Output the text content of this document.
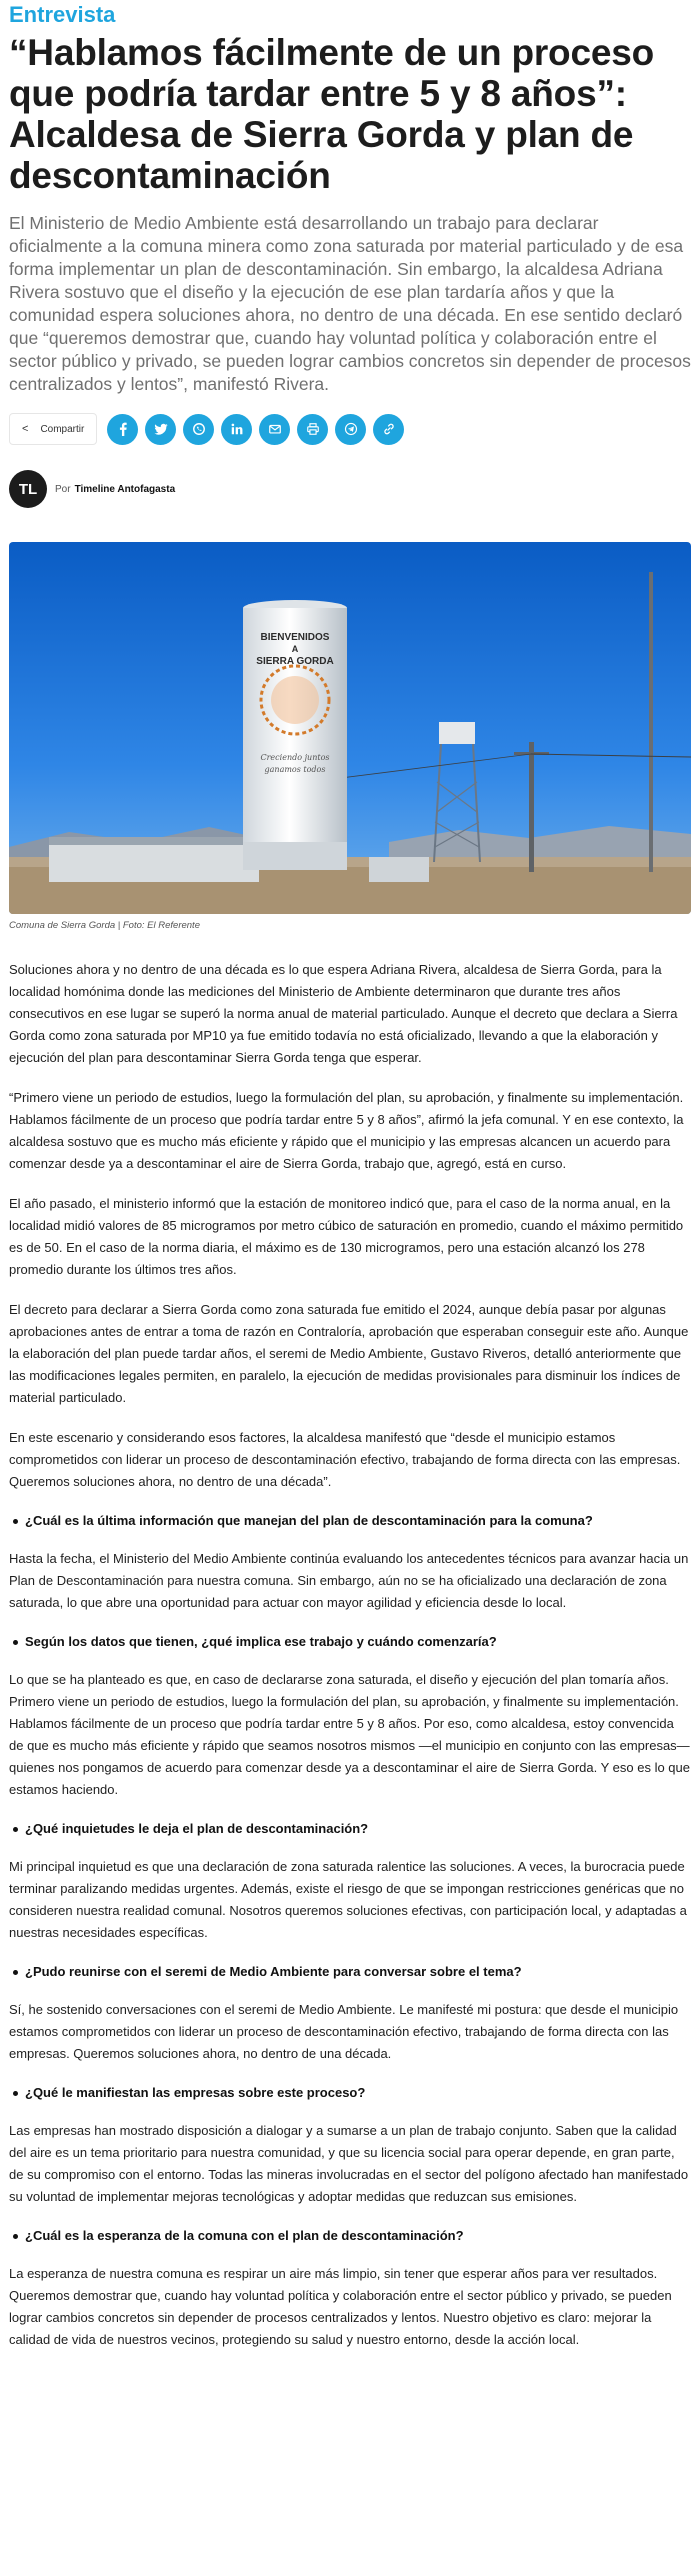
Entrevista
“Hablamos fácilmente de un proceso que podría tardar entre 5 y 8 años”: Alcaldesa de Sierra Gorda y plan de descontaminación

El Ministerio de Medio Ambiente está desarrollando un trabajo para declarar oficialmente a la comuna minera como zona saturada por material particulado y de esa forma implementar un plan de descontaminación. Sin embargo, la alcaldesa Adriana Rivera sostuvo que el diseño y la ejecución de ese plan tardaría años y que la comunidad espera soluciones ahora, no dentro de una década. En ese sentido declaró que “queremos demostrar que, cuando hay voluntad política y colaboración entre el sector público y privado, se pueden lograr cambios concretos sin depender de procesos centralizados y lentos”, manifestó Rivera.

< Compartir
TL Por Timeline Antofagasta
BIENVENIDOS
A
SIERRA GORDA
Creciendo juntos
ganamos todos

Comuna de Sierra Gorda | Foto: El Referente

Soluciones ahora y no dentro de una década es lo que espera Adriana Rivera, alcaldesa de Sierra Gorda, para la localidad homónima donde las mediciones del Ministerio de Ambiente determinaron que durante tres años consecutivos en ese lugar se superó la norma anual de material particulado. Aunque el decreto que declara a Sierra Gorda como zona saturada por MP10 ya fue emitido todavía no está oficializado, llevando a que la elaboración y ejecución del plan para descontaminar Sierra Gorda tenga que esperar.

“Primero viene un periodo de estudios, luego la formulación del plan, su aprobación, y finalmente su implementación. Hablamos fácilmente de un proceso que podría tardar entre 5 y 8 años”, afirmó la jefa comunal. Y en ese contexto, la alcaldesa sostuvo que es mucho más eficiente y rápido que el municipio y las empresas alcancen un acuerdo para comenzar desde ya a descontaminar el aire de Sierra Gorda, trabajo que, agregó, está en curso.

El año pasado, el ministerio informó que la estación de monitoreo indicó que, para el caso de la norma anual, en la localidad midió valores de 85 microgramos por metro cúbico de saturación en promedio, cuando el máximo permitido es de 50. En el caso de la norma diaria, el máximo es de 130 microgramos, pero una estación alcanzó los 278 promedio durante los últimos tres años.

El decreto para declarar a Sierra Gorda como zona saturada fue emitido el 2024, aunque debía pasar por algunas aprobaciones antes de entrar a toma de razón en Contraloría, aprobación que esperaban conseguir este año. Aunque la elaboración del plan puede tardar años, el seremi de Medio Ambiente, Gustavo Riveros, detalló anteriormente que las modificaciones legales permiten, en paralelo, la ejecución de medidas provisionales para disminuir los índices de material particulado.

En este escenario y considerando esos factores, la alcaldesa manifestó que “desde el municipio estamos comprometidos con liderar un proceso de descontaminación efectivo, trabajando de forma directa con las empresas. Queremos soluciones ahora, no dentro de una década”.

¿Cuál es la última información que manejan del plan de descontaminación para la comuna?

Hasta la fecha, el Ministerio del Medio Ambiente continúa evaluando los antecedentes técnicos para avanzar hacia un Plan de Descontaminación para nuestra comuna. Sin embargo, aún no se ha oficializado una declaración de zona saturada, lo que abre una oportunidad para actuar con mayor agilidad y eficiencia desde lo local.

Según los datos que tienen, ¿qué implica ese trabajo y cuándo comenzaría?

Lo que se ha planteado es que, en caso de declararse zona saturada, el diseño y ejecución del plan tomaría años. Primero viene un periodo de estudios, luego la formulación del plan, su aprobación, y finalmente su implementación. Hablamos fácilmente de un proceso que podría tardar entre 5 y 8 años. Por eso, como alcaldesa, estoy convencida de que es mucho más eficiente y rápido que seamos nosotros mismos —el municipio en conjunto con las empresas— quienes nos pongamos de acuerdo para comenzar desde ya a descontaminar el aire de Sierra Gorda. Y eso es lo que estamos haciendo.

¿Qué inquietudes le deja el plan de descontaminación?

Mi principal inquietud es que una declaración de zona saturada ralentice las soluciones. A veces, la burocracia puede terminar paralizando medidas urgentes. Además, existe el riesgo de que se impongan restricciones genéricas que no consideren nuestra realidad comunal. Nosotros queremos soluciones efectivas, con participación local, y adaptadas a nuestras necesidades específicas.

¿Pudo reunirse con el seremi de Medio Ambiente para conversar sobre el tema?

Sí, he sostenido conversaciones con el seremi de Medio Ambiente. Le manifesté mi postura: que desde el municipio estamos comprometidos con liderar un proceso de descontaminación efectivo, trabajando de forma directa con las empresas. Queremos soluciones ahora, no dentro de una década.

¿Qué le manifiestan las empresas sobre este proceso?

Las empresas han mostrado disposición a dialogar y a sumarse a un plan de trabajo conjunto. Saben que la calidad del aire es un tema prioritario para nuestra comunidad, y que su licencia social para operar depende, en gran parte, de su compromiso con el entorno. Todas las mineras involucradas en el sector del polígono afectado han manifestado su voluntad de implementar mejoras tecnológicas y adoptar medidas que reduzcan sus emisiones.

¿Cuál es la esperanza de la comuna con el plan de descontaminación?

La esperanza de nuestra comuna es respirar un aire más limpio, sin tener que esperar años para ver resultados. Queremos demostrar que, cuando hay voluntad política y colaboración entre el sector público y privado, se pueden lograr cambios concretos sin depender de procesos centralizados y lentos. Nuestro objetivo es claro: mejorar la calidad de vida de nuestros vecinos, protegiendo su salud y nuestro entorno, desde la acción local.
